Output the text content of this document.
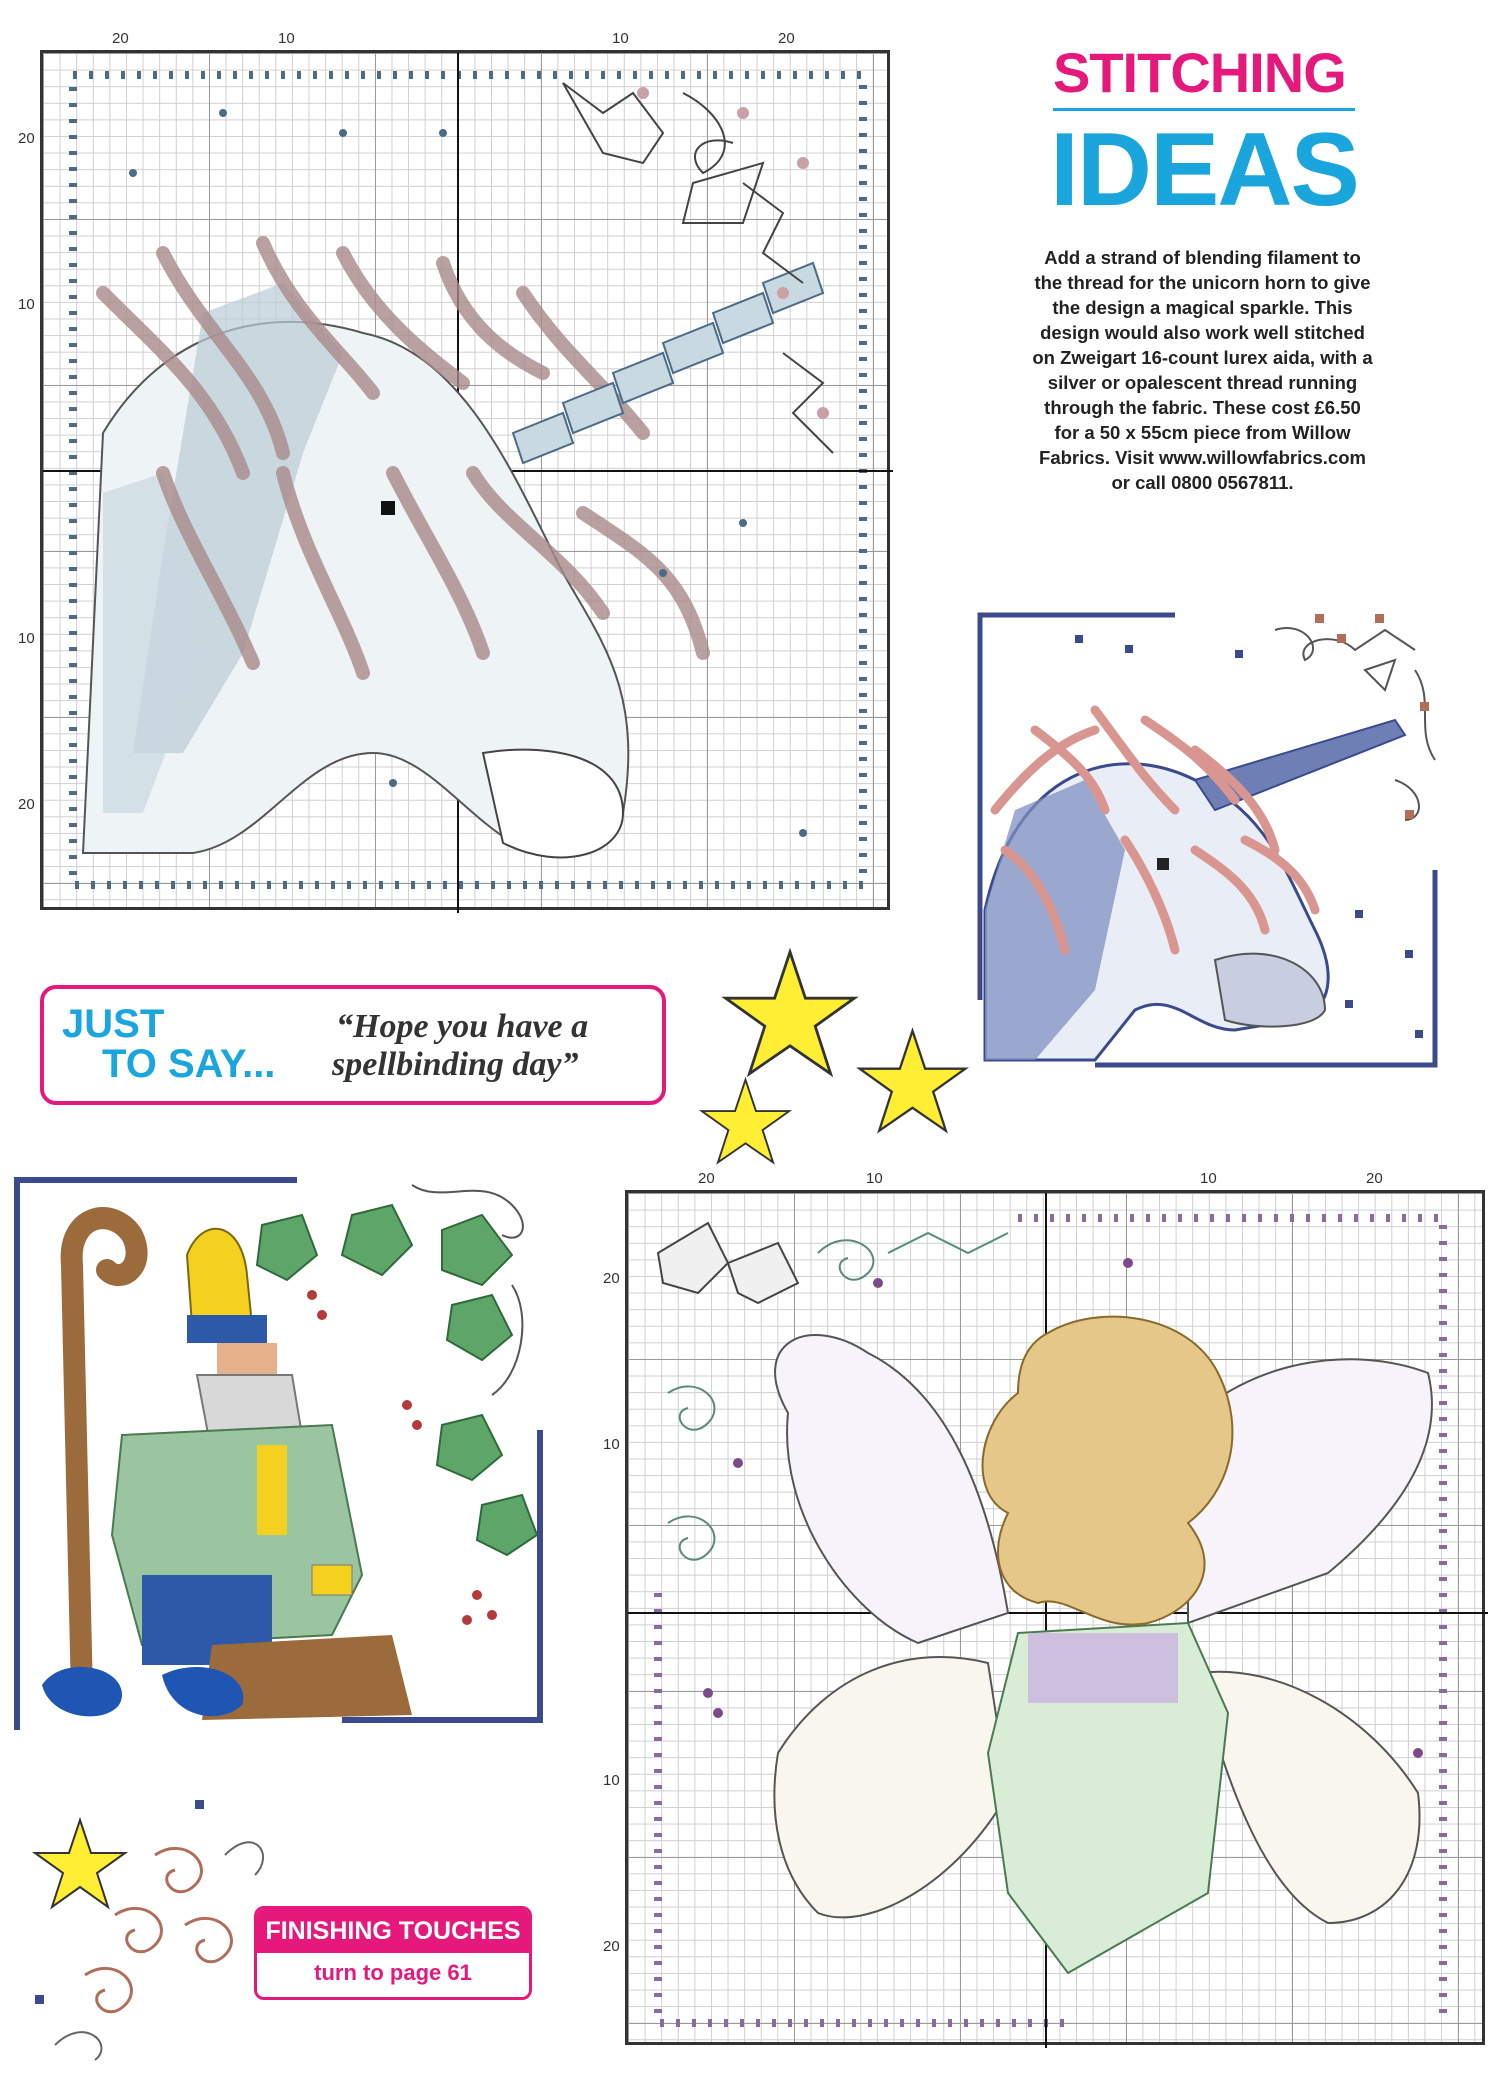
20	10	10	20
20
10
10
20
STITCHING
IDEAS
Add a strand of blending filament to the thread for the unicorn horn to give the design a magical sparkle. This design would also work well stitched on Zweigart 16-count lurex aida, with a silver or opalescent thread running through the fabric. These cost £6.50 for a 50 x 55cm piece from Willow Fabrics. Visit www.willowfabrics.com or call 0800 0567811.
JUST
TO SAY...
“Hope you have a
spellbinding day”
FINISHING TOUCHES
turn to page 61
20	10	10	20
20
10
10
20
